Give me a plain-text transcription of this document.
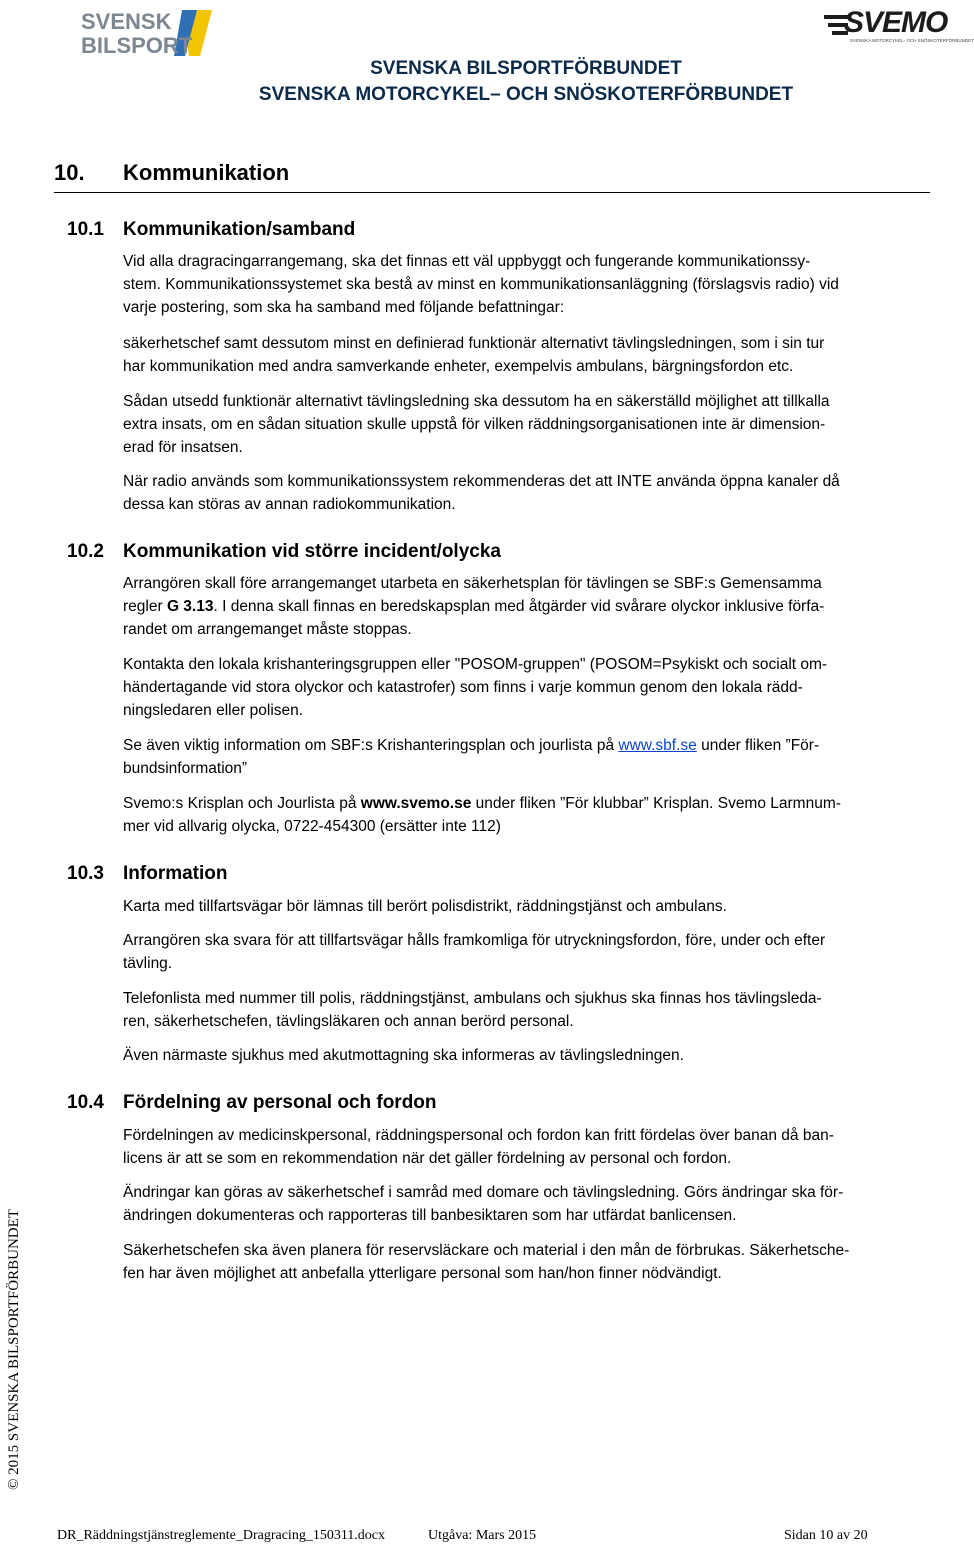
SVENSK
BILSPORT
SVEMO
SVENSKA MOTORCYKEL- OCH SNÖSKOTERFÖRBUNDET
SVENSKA BILSPORTFÖRBUNDET
SVENSKA MOTORCYKEL– OCH SNÖSKOTERFÖRBUNDET
10. Kommunikation
10.1 Kommunikation/samband
Vid alla dragracingarrangemang, ska det finnas ett väl uppbyggt och fungerande kommunikationssy-
stem. Kommunikationssystemet ska bestå av minst en kommunikationsanläggning (förslagsvis radio) vid
varje postering, som ska ha samband med följande befattningar:
säkerhetschef samt dessutom minst en definierad funktionär alternativt tävlingsledningen, som i sin tur
har kommunikation med andra samverkande enheter, exempelvis ambulans, bärgningsfordon etc.
Sådan utsedd funktionär alternativt tävlingsledning ska dessutom ha en säkerställd möjlighet att tillkalla
extra insats, om en sådan situation skulle uppstå för vilken räddningsorganisationen inte är dimension-
erad för insatsen.
När radio används som kommunikationssystem rekommenderas det att INTE använda öppna kanaler då
dessa kan störas av annan radiokommunikation.
10.2 Kommunikation vid större incident/olycka
Arrangören skall före arrangemanget utarbeta en säkerhetsplan för tävlingen se SBF:s Gemensamma
regler G 3.13. I denna skall finnas en beredskapsplan med åtgärder vid svårare olyckor inklusive förfa-
randet om arrangemanget måste stoppas.
Kontakta den lokala krishanteringsgruppen eller "POSOM-gruppen" (POSOM=Psykiskt och socialt om-
händertagande vid stora olyckor och katastrofer) som finns i varje kommun genom den lokala rädd-
ningsledaren eller polisen.
Se även viktig information om SBF:s Krishanteringsplan och jourlista på www.sbf.se under fliken ”För-
bundsinformation”
Svemo:s Krisplan och Jourlista på www.svemo.se under fliken ”För klubbar” Krisplan. Svemo Larmnum-
mer vid allvarig olycka, 0722-454300 (ersätter inte 112)
10.3 Information
Karta med tillfartsvägar bör lämnas till berört polisdistrikt, räddningstjänst och ambulans.
Arrangören ska svara för att tillfartsvägar hålls framkomliga för utryckningsfordon, före, under och efter
tävling.
Telefonlista med nummer till polis, räddningstjänst, ambulans och sjukhus ska finnas hos tävlingsleda-
ren, säkerhetschefen, tävlingsläkaren och annan berörd personal.
Även närmaste sjukhus med akutmottagning ska informeras av tävlingsledningen.
10.4 Fördelning av personal och fordon
Fördelningen av medicinskpersonal, räddningspersonal och fordon kan fritt fördelas över banan då ban-
licens är att se som en rekommendation när det gäller fördelning av personal och fordon.
Ändringar kan göras av säkerhetschef i samråd med domare och tävlingsledning. Görs ändringar ska för-
ändringen dokumenteras och rapporteras till banbesiktaren som har utfärdat banlicensen.
Säkerhetschefen ska även planera för reservsläckare och material i den mån de förbrukas. Säkerhetsche-
fen har även möjlighet att anbefalla ytterligare personal som han/hon finner nödvändigt.
© 2015 SVENSKA BILSPORTFÖRBUNDET
DR_Räddningstjänstreglemente_Dragracing_150311.docx	Utgåva: Mars 2015	Sidan 10 av 20
